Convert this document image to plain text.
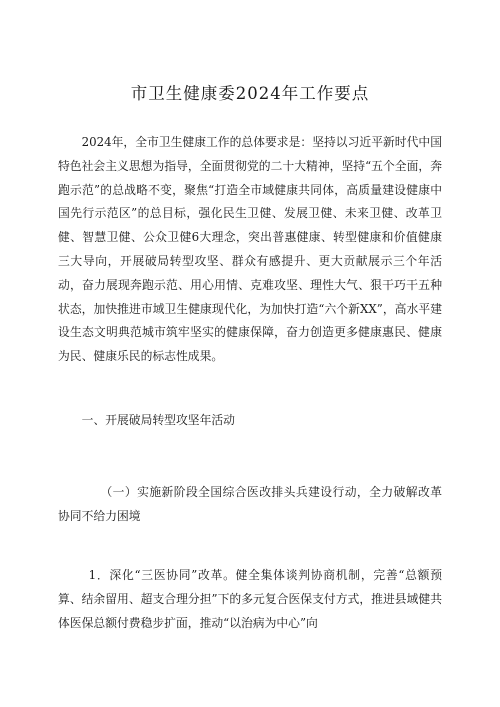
市卫生健康委2024年工作要点

2024年，全市卫生健康工作的总体要求是：坚持以习近平新时代中国特色社会主义思想为指导，全面贯彻党的二十大精神，坚持“五个全面，奔跑示范”的总战略不变，聚焦“打造全市域健康共同体，高质量建设健康中国先行示范区”的总目标，强化民生卫健、发展卫健、未来卫健、改革卫健、智慧卫健、公众卫健6大理念，突出普惠健康、转型健康和价值健康三大导向，开展破局转型攻坚、群众有感提升、更大贡献展示三个年活动，奋力展现奔跑示范、用心用情、克难攻坚、理性大气、狠干巧干五种状态，加快推进市域卫生健康现代化，为加快打造“六个新XX”，高水平建设生态文明典范城市筑牢坚实的健康保障，奋力创造更多健康惠民、健康为民、健康乐民的标志性成果。

一、开展破局转型攻坚年活动

（一）实施新阶段全国综合医改排头兵建设行动，全力破解改革协同不给力困境

1．深化“三医协同”改革。健全集体谈判协商机制，完善“总额预算、结余留用、超支合理分担”下的多元复合医保支付方式，推进县域健共体医保总额付费稳步扩面，推动“以治病为中心”向
